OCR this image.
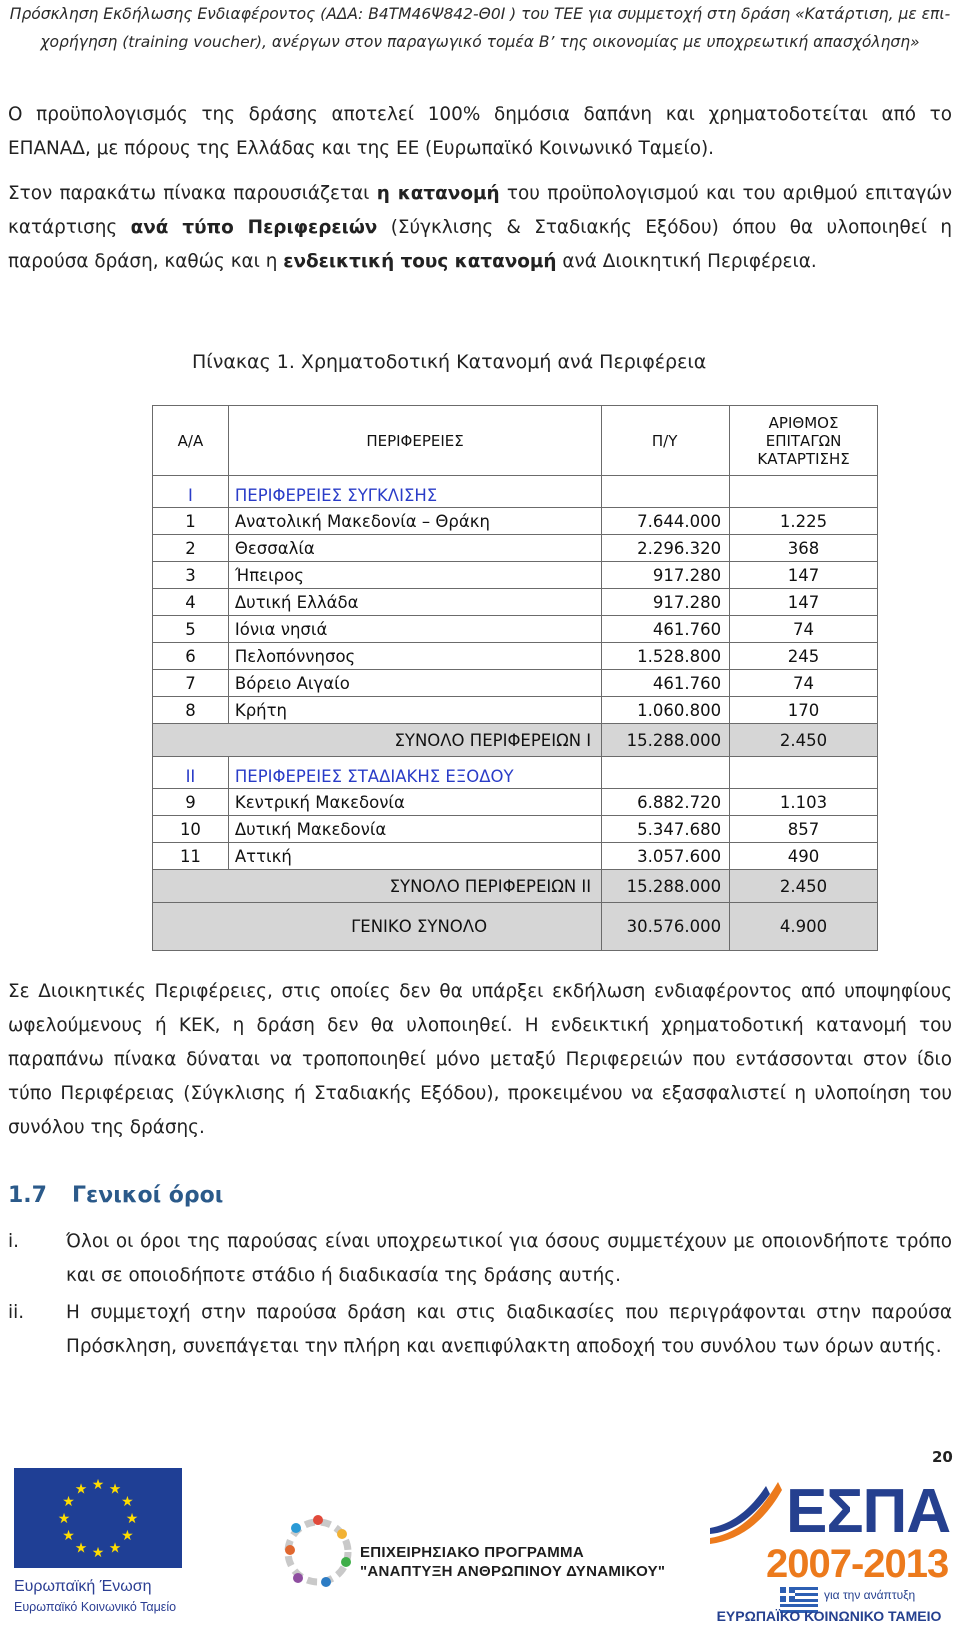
Πρόσκληση Εκδήλωσης Ενδιαφέροντος (ΑΔΑ: Β4ΤΜ46Ψ842-Θ0Ι ) του ΤΕΕ για συμμετοχή στη δράση «Κατάρτιση, με επι-
χορήγηση (training voucher), ανέργων στον παραγωγικό τομέα Β’ της οικονομίας με υποχρεωτική απασχόληση»
Ο προϋπολογισμός της δράσης αποτελεί 100% δημόσια δαπάνη και χρηματοδοτείται από το ΕΠΑΝΑΔ, με πόρους της Ελλάδας και της ΕΕ (Ευρωπαϊκό Κοινωνικό Ταμείο).
Στον παρακάτω πίνακα παρουσιάζεται η κατανομή του προϋπολογισμού και του αριθμού επιταγών κατάρτισης ανά τύπο Περιφερειών (Σύγκλισης & Σταδιακής Εξόδου) όπου θα υλοποιηθεί η παρούσα δράση, καθώς και η ενδεικτική τους κατανομή ανά Διοικητική Περιφέρεια.
Πίνακας 1. Χρηματοδοτική Κατανομή ανά Περιφέρεια
Α/Α	ΠΕΡΙΦΕΡΕΙΕΣ	Π/Υ	ΑΡΙΘΜΟΣ ΕΠΙΤΑΓΩΝ ΚΑΤΑΡΤΙΣΗΣ
Ι	ΠΕΡΙΦΕΡΕΙΕΣ ΣΥΓΚΛΙΣΗΣ		
1	Ανατολική Μακεδονία – Θράκη	7.644.000	1.225
2	Θεσσαλία	2.296.320	368
3	Ήπειρος	917.280	147
4	Δυτική Ελλάδα	917.280	147
5	Ιόνια νησιά	461.760	74
6	Πελοπόννησος	1.528.800	245
7	Βόρειο Αιγαίο	461.760	74
8	Κρήτη	1.060.800	170
ΣΥΝΟΛΟ ΠΕΡΙΦΕΡΕΙΩΝ Ι		15.288.000	2.450
ΙΙ	ΠΕΡΙΦΕΡΕΙΕΣ ΣΤΑΔΙΑΚΗΣ ΕΞΟΔΟΥ		
9	Κεντρική Μακεδονία	6.882.720	1.103
10	Δυτική Μακεδονία	5.347.680	857
11	Αττική	3.057.600	490
ΣΥΝΟΛΟ ΠΕΡΙΦΕΡΕΙΩΝ ΙΙ		15.288.000	2.450
ΓΕΝΙΚΟ ΣΥΝΟΛΟ		30.576.000	4.900
Σε Διοικητικές Περιφέρειες, στις οποίες δεν θα υπάρξει εκδήλωση ενδιαφέροντος από υποψηφίους ωφελούμενους ή ΚΕΚ, η δράση δεν θα υλοποιηθεί. Η ενδεικτική χρηματοδοτική κατανομή του παραπάνω πίνακα δύναται να τροποποιηθεί μόνο μεταξύ Περιφερειών που εντάσσονται στον ίδιο τύπο Περιφέρειας (Σύγκλισης ή Σταδιακής Εξόδου), προκειμένου να εξασφαλιστεί η υλοποίηση του συνόλου της δράσης.
1.7 Γενικοί όροι
i.	Όλοι οι όροι της παρούσας είναι υποχρεωτικοί για όσους συμμετέχουν με οποιονδήποτε τρόπο και σε οποιοδήποτε στάδιο ή διαδικασία της δράσης αυτής.
ii. Η συμμετοχή στην παρούσα δράση και στις διαδικασίες που περιγράφονται στην παρούσα Πρόσκληση, συνεπάγεται την πλήρη και ανεπιφύλακτη αποδοχή του συνόλου των όρων αυτής.
20
★ ★
★
★
★
★
★
★
★
★
★
★
Ευρωπαϊκή Ένωση
Ευρωπαϊκό Κοινωνικό Ταμείο
ΕΠΙΧΕΙΡΗΣΙΑΚΟ ΠΡΟΓΡΑΜΜΑ
"ΑΝΑΠΤΥΞΗ ΑΝΘΡΩΠΙΝΟΥ ΔΥΝΑΜΙΚΟΥ"
ΕΣΠΑ
2007-2013
για την ανάπτυξη
ΕΥΡΩΠΑΪΚΟ ΚΟΙΝΩΝΙΚΟ ΤΑΜΕΙΟ
